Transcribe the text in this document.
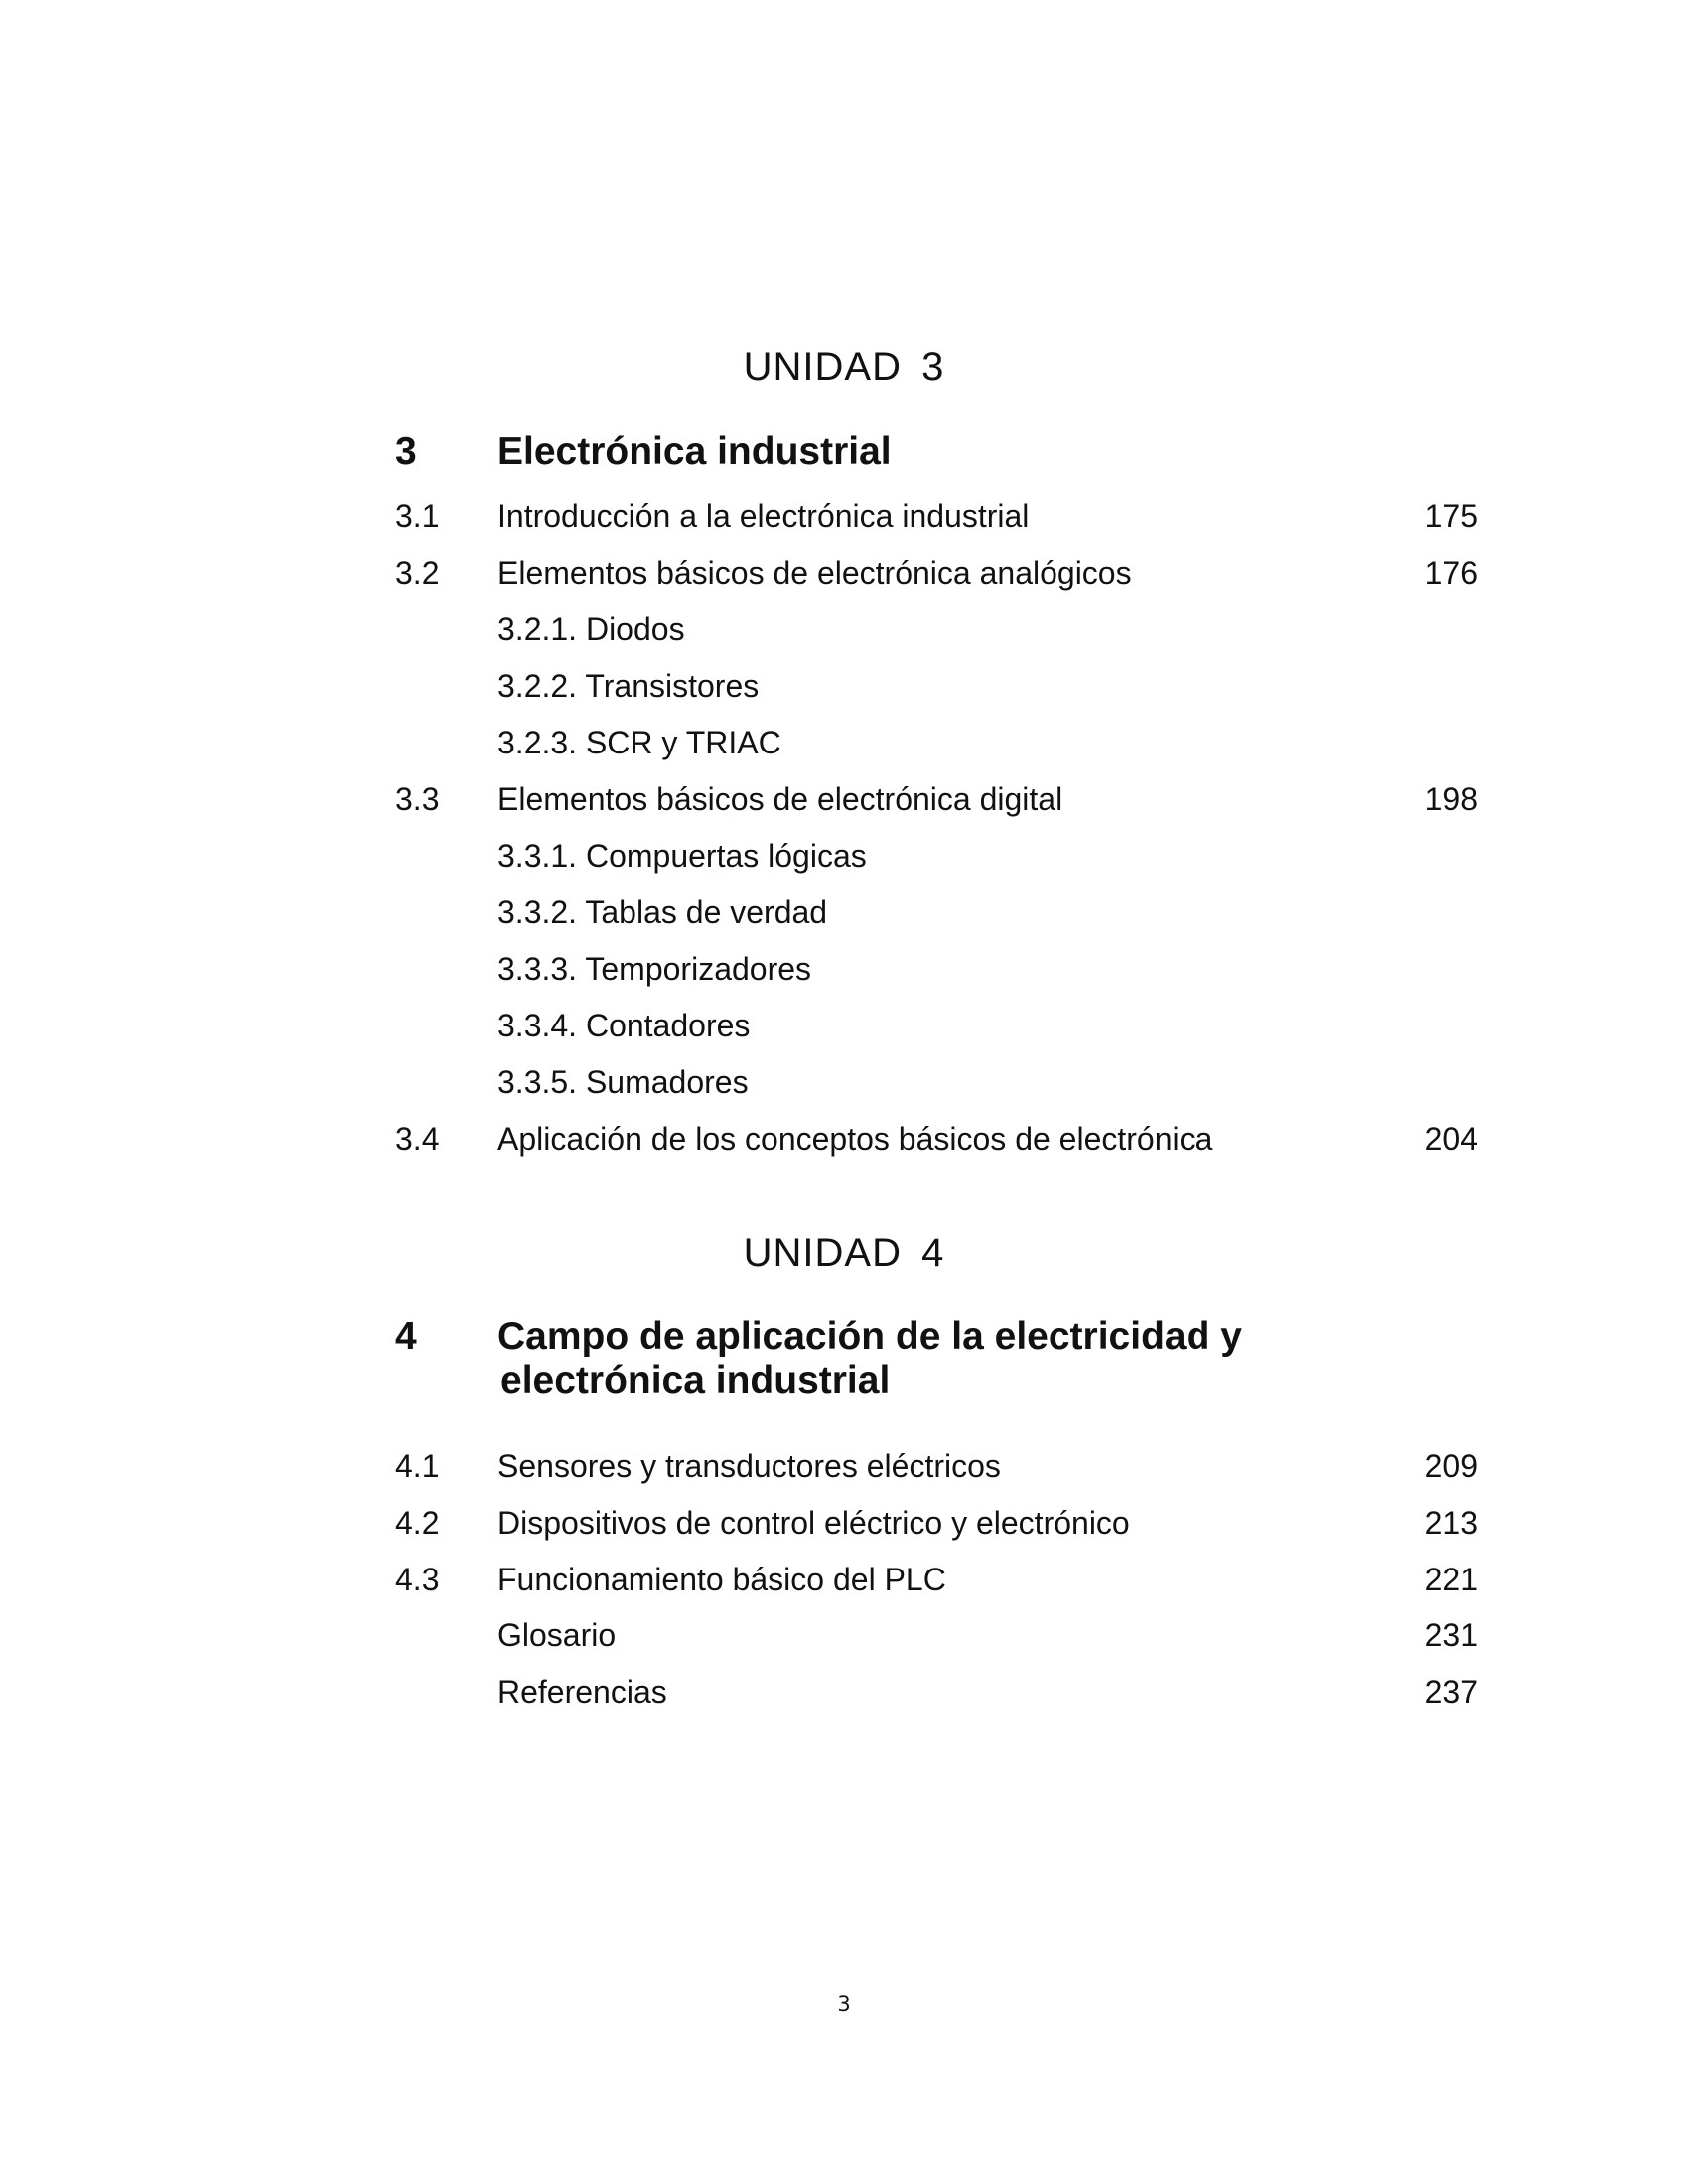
UNIDAD 3
3 Electrónica industrial
3.1 Introducción a la electrónica industrial	175
3.2 Elementos básicos de electrónica analógicos	176
3.2.1. Diodos
3.2.2. Transistores
3.2.3. SCR y TRIAC
3.3 Elementos básicos de electrónica digital	198
3.3.1. Compuertas lógicas
3.3.2. Tablas de verdad
3.3.3. Temporizadores
3.3.4. Contadores
3.3.5. Sumadores
3.4 Aplicación de los conceptos básicos de electrónica	204
UNIDAD 4
4 Campo de aplicación de la electricidad y
electrónica industrial
4.1 Sensores y transductores eléctricos	209
4.2 Dispositivos de control eléctrico y electrónico	213
4.3 Funcionamiento básico del PLC	221
Glosario	231
Referencias	237
3
